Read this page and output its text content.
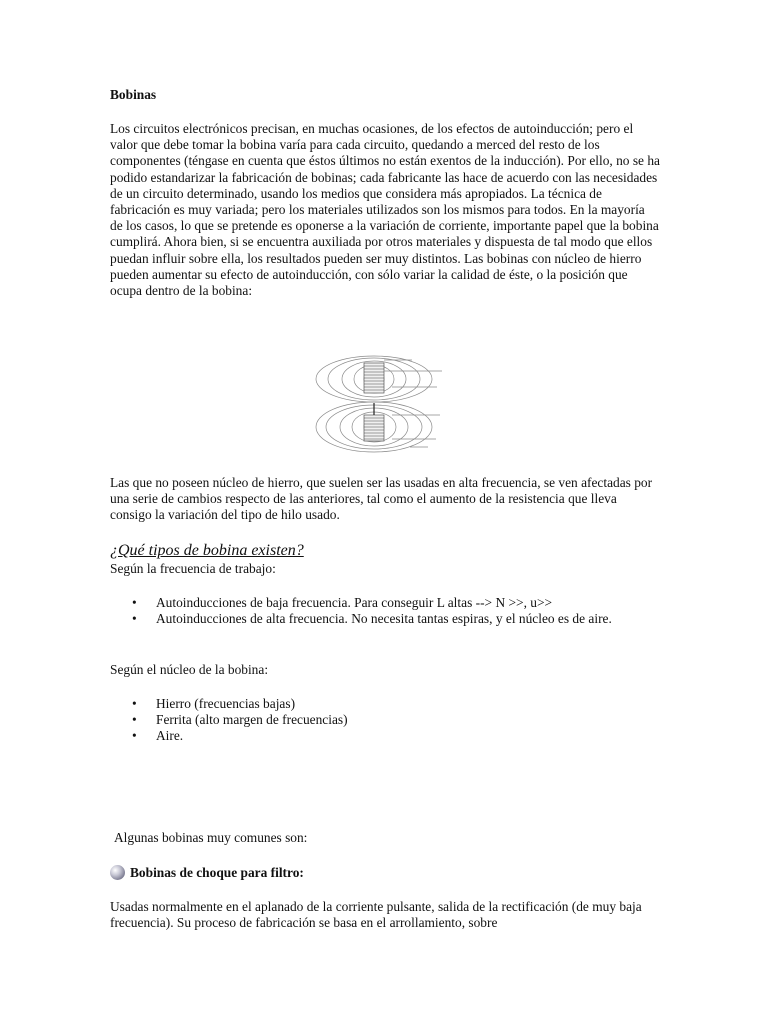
Bobinas
Los circuitos electrónicos precisan, en muchas ocasiones, de los efectos de autoinducción; pero el valor que debe tomar la bobina varía para cada circuito, quedando a merced del resto de los componentes (téngase en cuenta que éstos últimos no están exentos de la inducción). Por ello, no se ha podido estandarizar la fabricación de bobinas; cada fabricante las hace de acuerdo con las necesidades de un circuito determinado, usando los medios que considera más apropiados. La técnica de fabricación es muy variada; pero los materiales utilizados son los mismos para todos. En la mayoría de los casos, lo que se pretende es oponerse a la variación de corriente, importante papel que la bobina cumplirá. Ahora bien, si se encuentra auxiliada por otros materiales y dispuesta de tal modo que ellos puedan influir sobre ella, los resultados pueden ser muy distintos. Las bobinas con núcleo de hierro pueden aumentar su efecto de autoinducción, con sólo variar la calidad de éste, o la posición que ocupa dentro de la bobina:
Las que no poseen núcleo de hierro, que suelen ser las usadas en alta frecuencia, se ven afectadas por una serie de cambios respecto de las anteriores, tal como el aumento de la resistencia que lleva consigo la variación del tipo de hilo usado.
¿Qué tipos de bobina existen?
Según la frecuencia de trabajo:
• Autoinducciones de baja frecuencia. Para conseguir L altas --> N >>, u>>
• Autoinducciones de alta frecuencia. No necesita tantas espiras, y el núcleo es de aire.
Según el núcleo de la bobina:
• Hierro (frecuencias bajas)
• Ferrita (alto margen de frecuencias)
• Aire.
Algunas bobinas muy comunes son:
Bobinas de choque para filtro:
Usadas normalmente en el aplanado de la corriente pulsante, salida de la rectificación (de muy baja frecuencia). Su proceso de fabricación se basa en el arrollamiento, sobre
